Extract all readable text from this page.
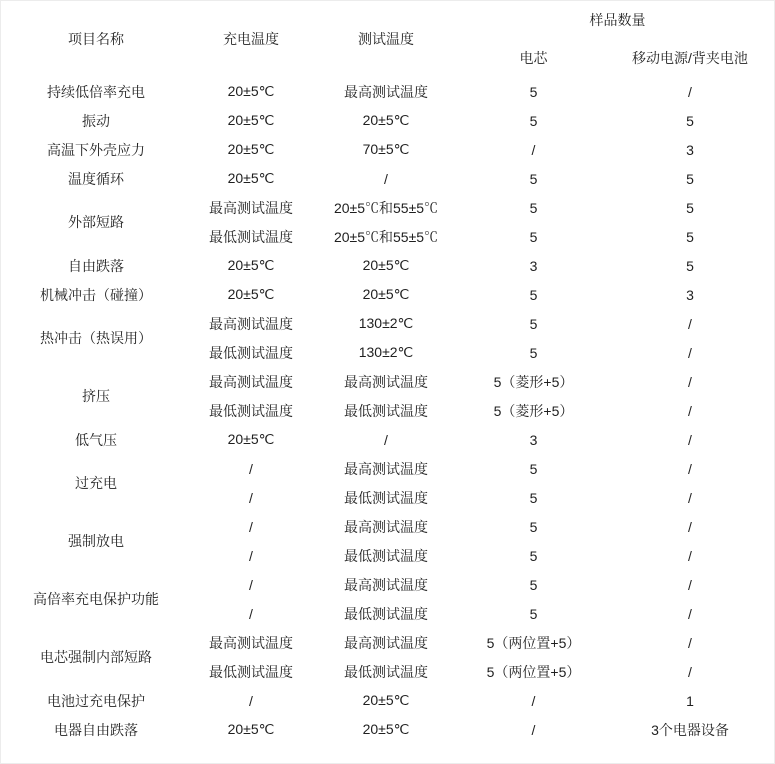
项目名称	充电温度	测试温度	样品数量	
			电芯	移动电源/背夹电池
持续低倍率充电	20±5℃	最高测试温度	5	/
振动	20±5℃	20±5℃	5	5
高温下外壳应力	20±5℃	70±5℃	/	3
温度循环	20±5℃	/	5	5
外部短路	最高测试温度	20±5℃和55±5℃	5	5
	最低测试温度	20±5℃和55±5℃	5	5
自由跌落	20±5℃	20±5℃	3	5
机械冲击（碰撞）	20±5℃	20±5℃	5	3
热冲击（热误用）	最高测试温度	130±2℃	5	/
	最低测试温度	130±2℃	5	/
挤压	最高测试温度	最高测试温度	5（菱形+5）	/
	最低测试温度	最低测试温度	5（菱形+5）	/
低气压	20±5℃	/	3	/
过充电	/	最高测试温度	5	/
	/	最低测试温度	5	/
强制放电	/	最高测试温度	5	/
	/	最低测试温度	5	/
高倍率充电保护功能	/	最高测试温度	5	/
	/	最低测试温度	5	/
电芯强制内部短路	最高测试温度	最高测试温度	5（两位置+5）	/
	最低测试温度	最低测试温度	5（两位置+5）	/
电池过充电保护	/	20±5℃	/	1
电器自由跌落	20±5℃	20±5℃	/	3个电器设备
